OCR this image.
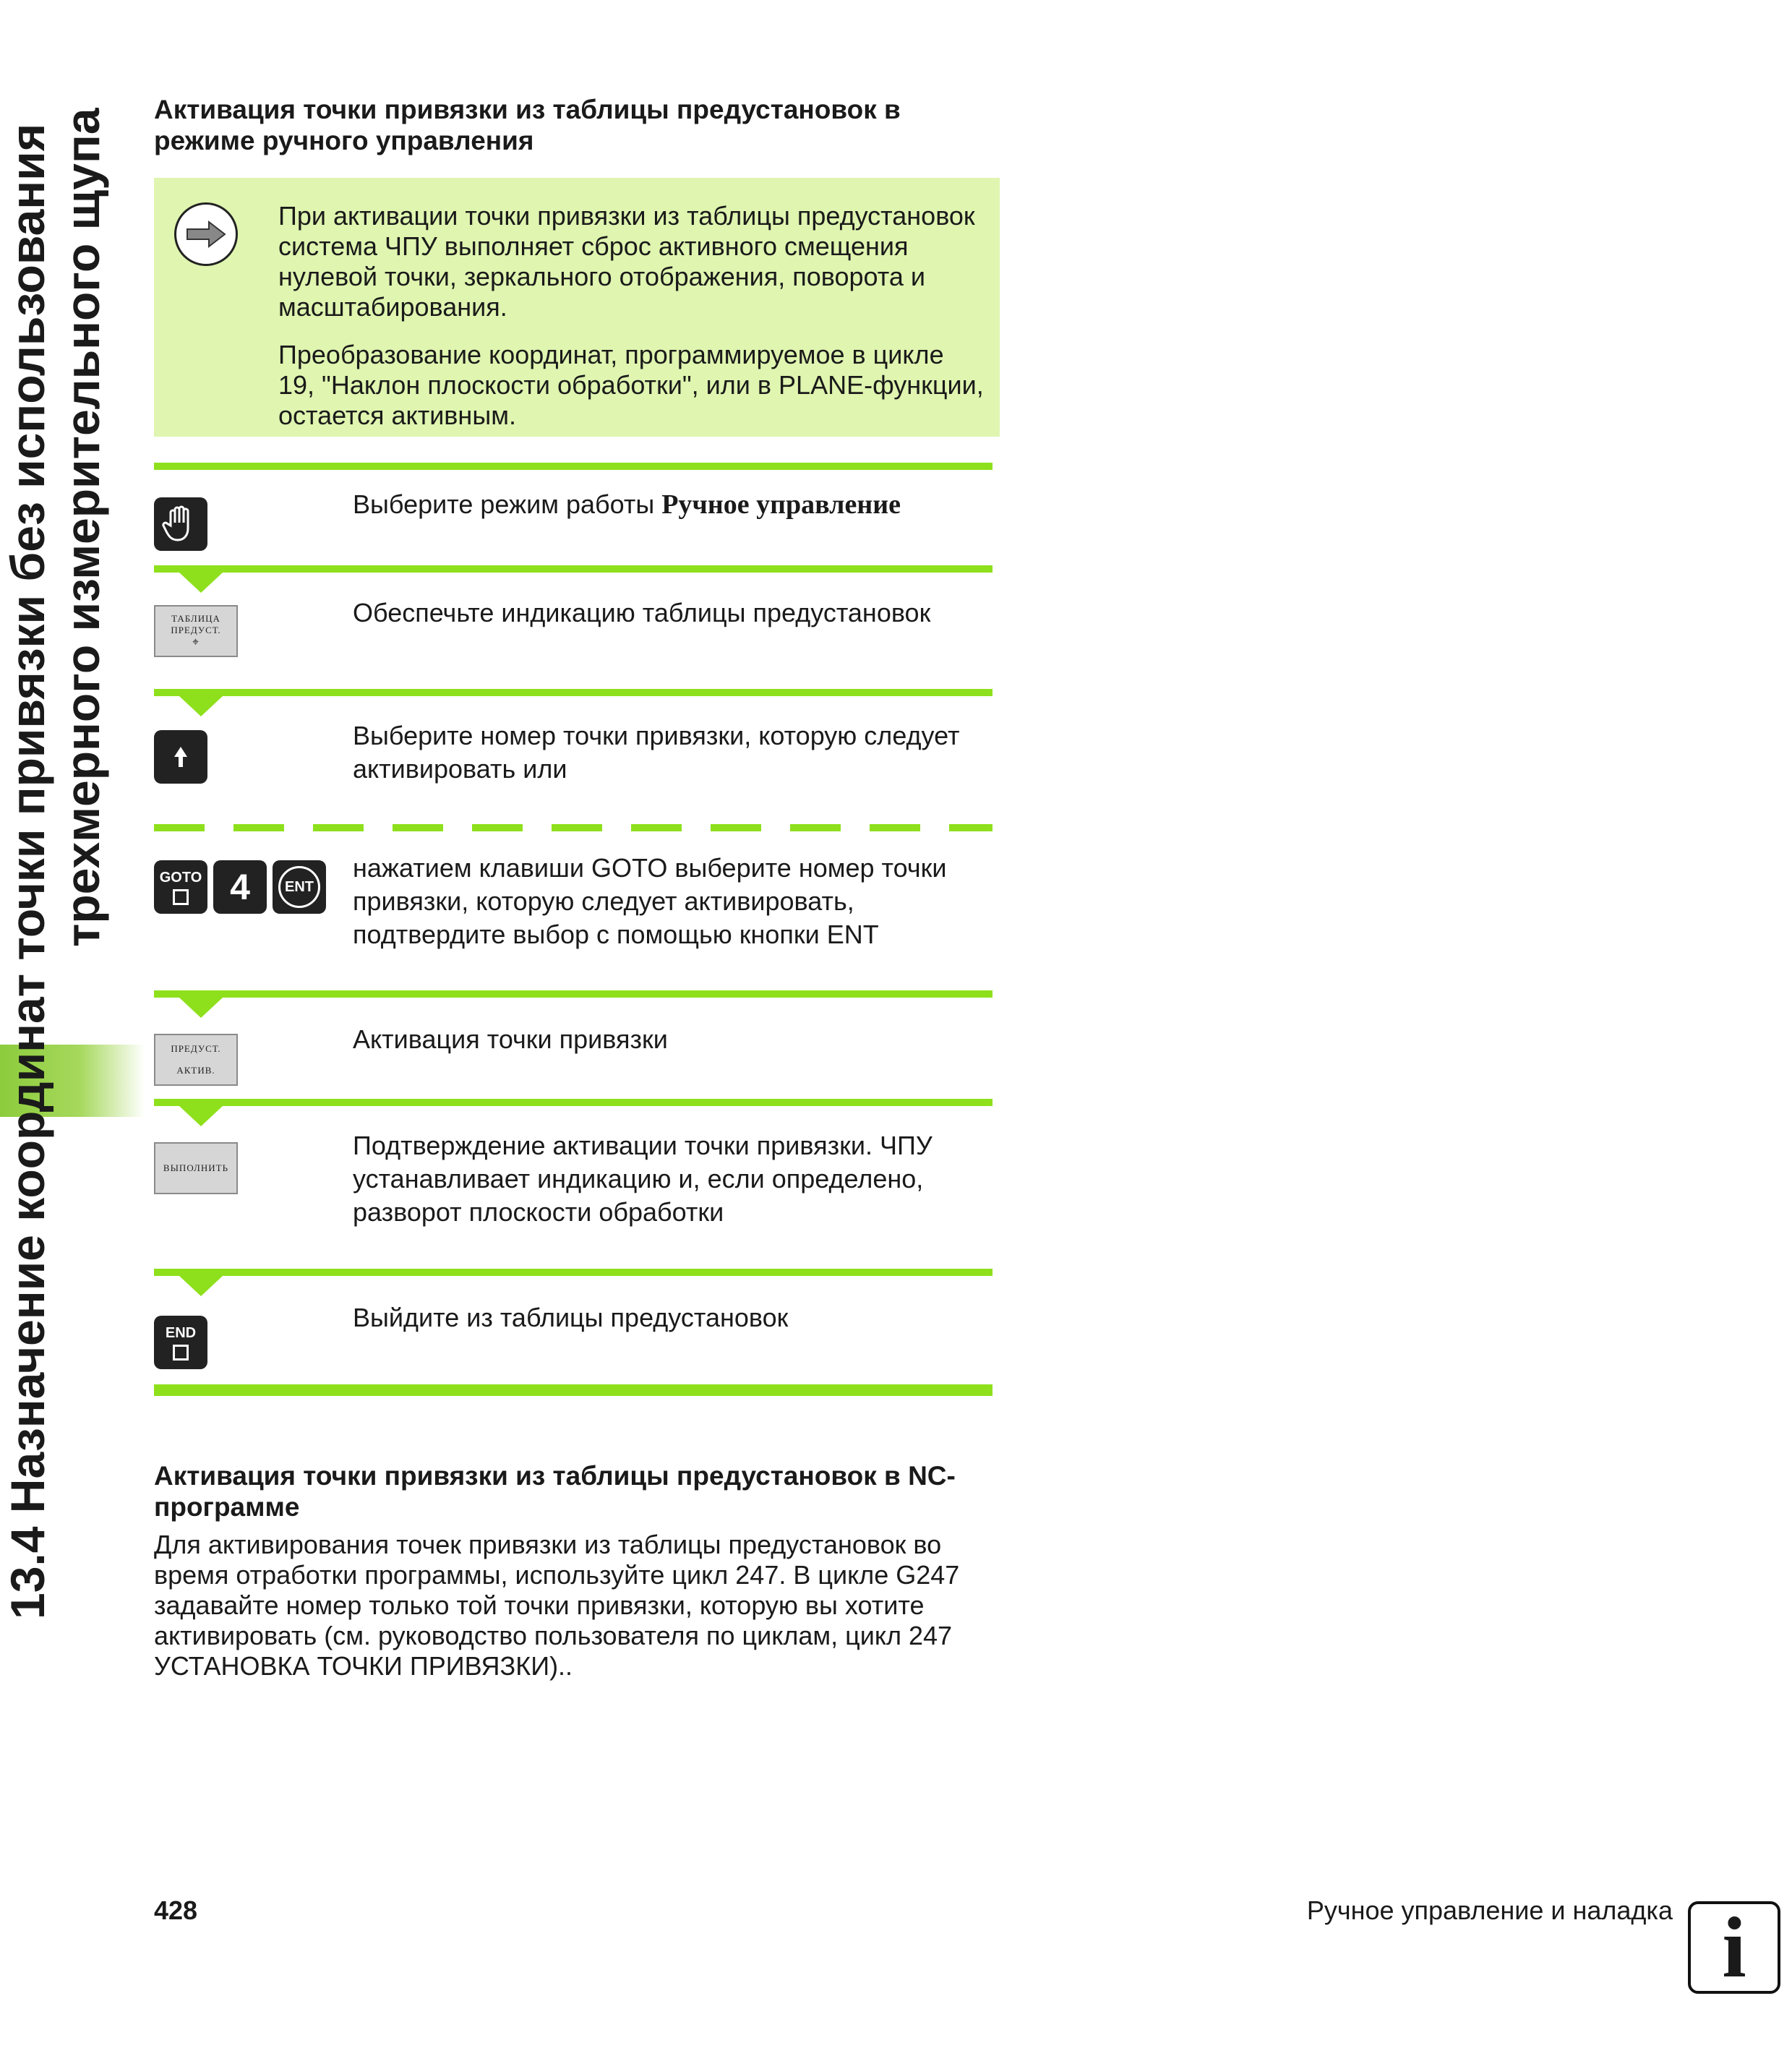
13.4 Назначение координат точки привязки без использования трехмерного измерительного щупа Активация точки привязки из таблицы предустановок в режиме ручного управления

При активации точки привязки из таблицы предустановок система ЧПУ выполняет сброс активного смещения нулевой точки, зеркального отображения, поворота и масштабирования.

Преобразование координат, программируемое в цикле 19, "Наклон плоскости обработки", или в PLANE-функции, остается активным.

Выберите режим работы Ручное управление
ТАБЛИЦА
ПРЕДУСТ.
⌖
Обеспечьте индикацию таблицы предустановок
Выберите номер точки привязки, которую следует активировать или
GOTO 4	ENT
нажатием клавиши GOTO выберите номер точки привязки, которую следует активировать, подтвердите выбор с помощью кнопки ENT
ПРЕДУСТ.
АКТИВ.
Активация точки привязки
ВЫПОЛНИТЬ
Подтверждение активации точки привязки. ЧПУ устанавливает индикацию и, если определено, разворот плоскости обработки
END
Выйдите из таблицы предустановок
Активация точки привязки из таблицы предустановок в NC-программе

Для активирования точек привязки из таблицы предустановок во время отработки программы, используйте цикл 247. В цикле G247 задавайте номер только той точки привязки, которую вы хотите активировать (см. руководство пользователя по циклам, цикл 247 УСТАНОВКА ТОЧКИ ПРИВЯЗКИ)..

428	Ручное управление и наладка i
